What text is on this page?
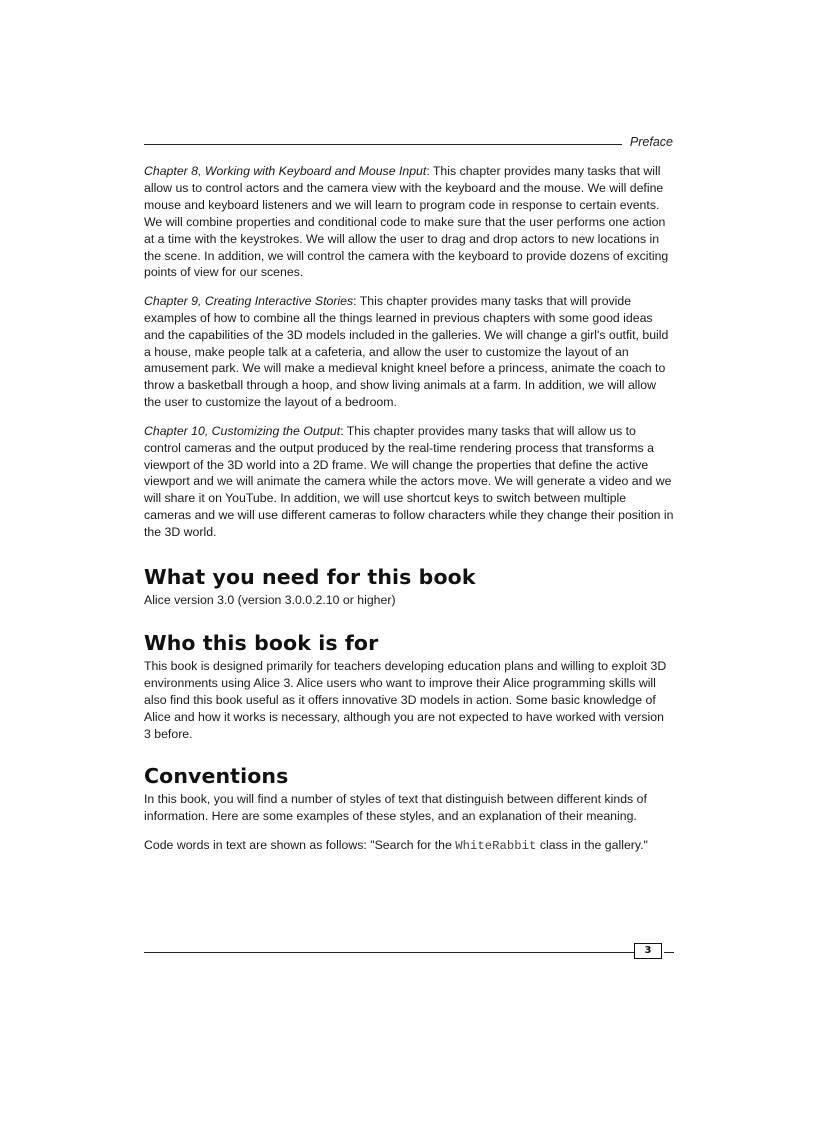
Preface

Chapter 8, Working with Keyboard and Mouse Input: This chapter provides many tasks that will allow us to control actors and the camera view with the keyboard and the mouse. We will define mouse and keyboard listeners and we will learn to program code in response to certain events. We will combine properties and conditional code to make sure that the user performs one action at a time with the keystrokes. We will allow the user to drag and drop actors to new locations in the scene. In addition, we will control the camera with the keyboard to provide dozens of exciting points of view for our scenes.

Chapter 9, Creating Interactive Stories: This chapter provides many tasks that will provide examples of how to combine all the things learned in previous chapters with some good ideas and the capabilities of the 3D models included in the galleries. We will change a girl's outfit, build a house, make people talk at a cafeteria, and allow the user to customize the layout of an amusement park. We will make a medieval knight kneel before a princess, animate the coach to throw a basketball through a hoop, and show living animals at a farm. In addition, we will allow the user to customize the layout of a bedroom.

Chapter 10, Customizing the Output: This chapter provides many tasks that will allow us to control cameras and the output produced by the real-time rendering process that transforms a viewport of the 3D world into a 2D frame. We will change the properties that define the active viewport and we will animate the camera while the actors move. We will generate a video and we will share it on YouTube. In addition, we will use shortcut keys to switch between multiple cameras and we will use different cameras to follow characters while they change their position in the 3D world.

What you need for this book

Alice version 3.0 (version 3.0.0.2.10 or higher)

Who this book is for

This book is designed primarily for teachers developing education plans and willing to exploit 3D environments using Alice 3. Alice users who want to improve their Alice programming skills will also find this book useful as it offers innovative 3D models in action. Some basic knowledge of Alice and how it works is necessary, although you are not expected to have worked with version 3 before.

Conventions

In this book, you will find a number of styles of text that distinguish between different kinds of information. Here are some examples of these styles, and an explanation of their meaning.

Code words in text are shown as follows: "Search for the WhiteRabbit class in the gallery."

3
